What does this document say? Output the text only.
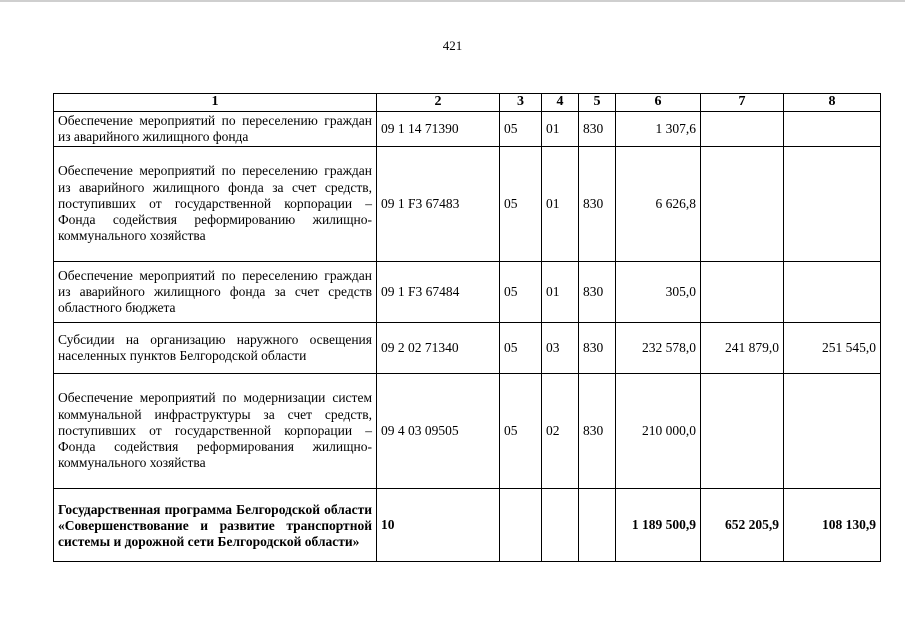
421
1	2	3	4	5	6	7	8
Обеспечение мероприятий по переселению граждан из аварийного жилищного фонда	09 1 14 71390	05	01	830	1 307,6		
Обеспечение мероприятий по переселению граждан из аварийного жилищного фонда за счет средств, поступивших от государственной корпорации – Фонда содействия реформированию жилищно-коммунального хозяйства	09 1 F3 67483	05	01	830	6 626,8		
Обеспечение мероприятий по переселению граждан из аварийного жилищного фонда за счет средств областного бюджета	09 1 F3 67484	05	01	830	305,0		
Субсидии на организацию наружного освещения населенных пунктов Белгородской области	09 2 02 71340	05	03	830	232 578,0	241 879,0	251 545,0
Обеспечение мероприятий по модернизации систем коммунальной инфраструктуры за счет средств, поступивших от государственной корпорации – Фонда содействия реформирования жилищно-коммунального хозяйства	09 4 03 09505	05	02	830	210 000,0		
Государственная программа Белгородской области «Совершенствование и развитие транспортной системы и дорожной сети Белгородской области»	10				1 189 500,9	652 205,9	108 130,9
